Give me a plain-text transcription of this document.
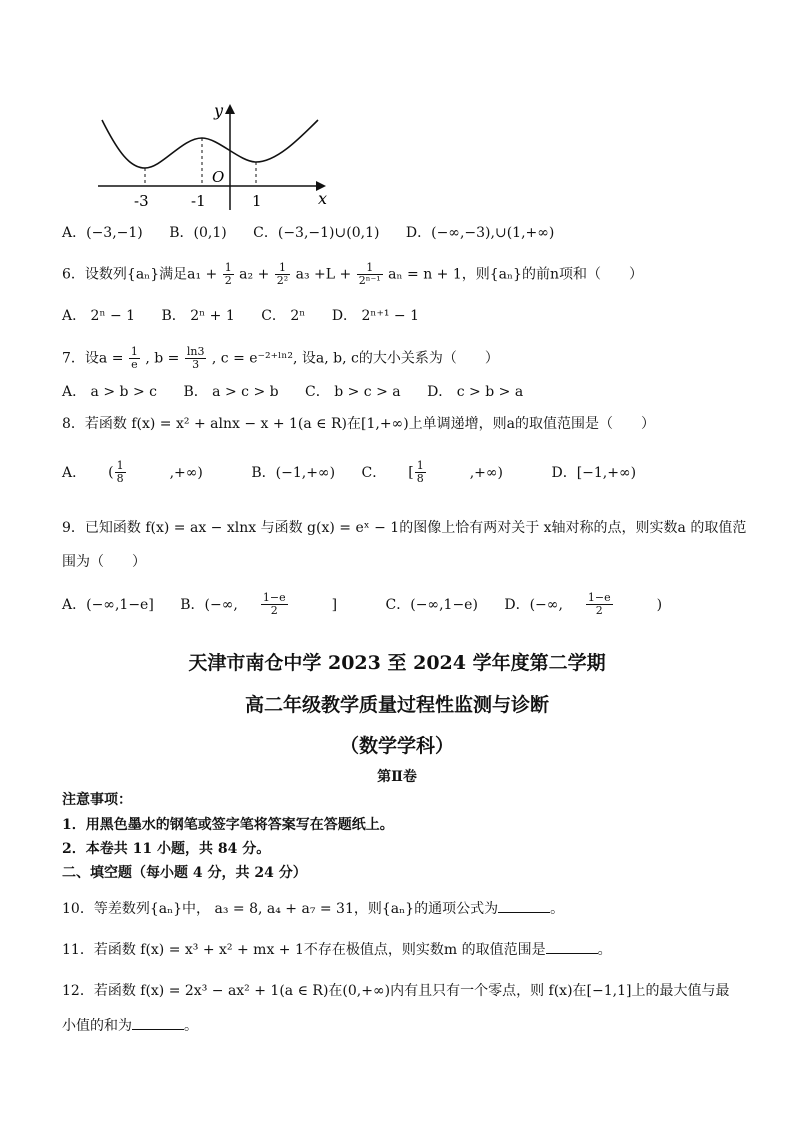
x
y
O
-3	-1	1
A．(−3,−1) B．(0,1) C．(−3,−1)∪(0,1) D．(−∞,−3),∪(1,+∞)
6．设数列{aₙ}满足$a_1 + \frac{1}{2} a_2 + \frac{1}{\text{2²}} a_3 +L + \frac{1}{\text{2ⁿ⁻¹}}$ aₙ = n + 1，则{aₙ}的前n项和（　　）
A． 2ⁿ − 1 B． 2ⁿ + 1 C． 2ⁿ D． 2ⁿ⁺¹ − 1
7．设$a = \frac{1}{e}$ , $b = \frac{\ln 3}{3}$ , c = e⁻²⁺ˡⁿ², 设a, b, c的大小关系为（　　）
A． a > b > c B． a > c > b C． b > c > a D． c > b > a
8．若函数 f(x) = x² + alnx − x + 1(a ∈ R)在[1,+∞)上单调递增，则a的取值范围是（　　）
A． ( $\frac{1}{8}$ ,+∞)	B．(−1,+∞) C． [ $\frac{1}{8}$ ,+∞)	D．[−1,+∞)
9．已知函数 f(x) = ax − xlnx 与函数 g(x) = eˣ − 1的图像上恰有两对关于 x轴对称的点，则实数a 的取值范
围为（　　）
A．(−∞,1−e] B．(−∞, $\frac{1-e}{2}$ ]	C．(−∞,1−e) D．(−∞, $\frac{1-e}{2}$ )
天津市南仓中学 2023 至 2024 学年度第二学期
高二年级教学质量过程性监测与诊断
（数学学科）
第Ⅱ卷
注意事项：
1．用黑色墨水的钢笔或签字笔将答案写在答题纸上。
2．本卷共 11 小题，共 84 分。
二、填空题（每小题 4 分，共 24 分）
10．等差数列{aₙ}中， a₃ = 8, a₄ + a₇ = 31，则{aₙ}的通项公式为	。
11．若函数 f(x) = x³ + x² + mx + 1不存在极值点，则实数m 的取值范围是	。
12．若函数 f(x) = 2x³ − ax² + 1(a ∈ R)在(0,+∞)内有且只有一个零点，则 f(x)在[−1,1]上的最大值与最
小值的和为	。
